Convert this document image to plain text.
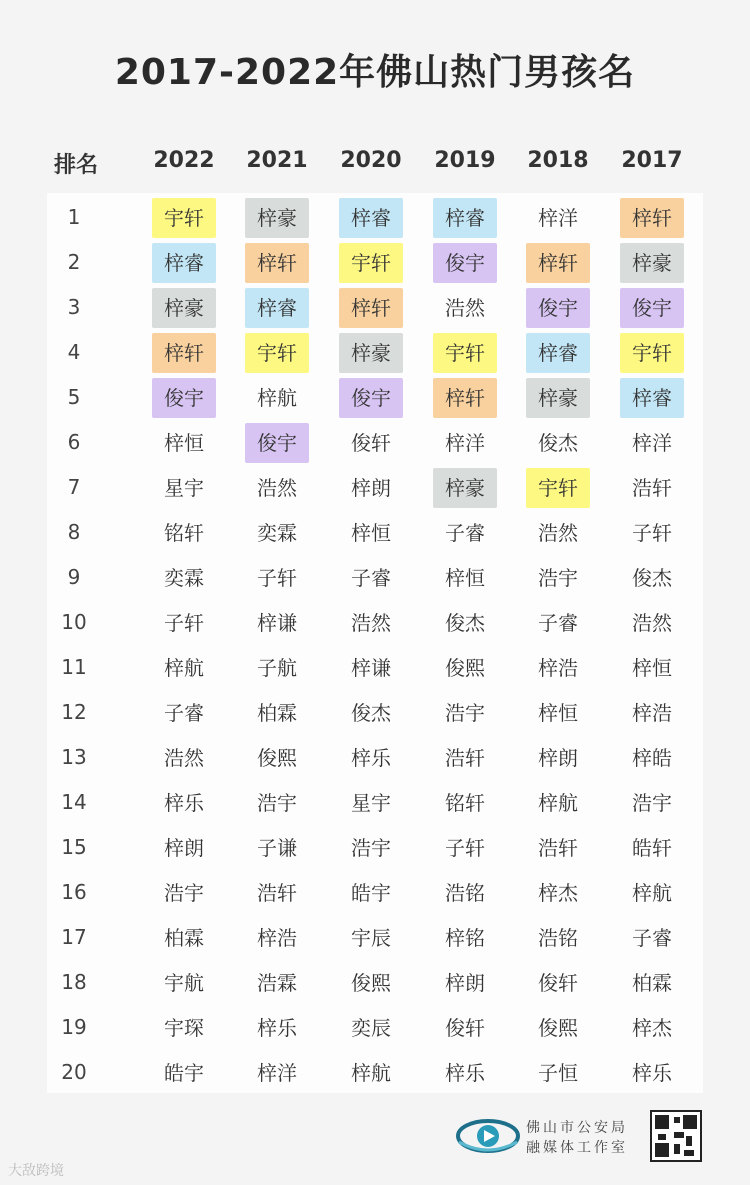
2017-2022年佛山热门男孩名
排名	2022	2021	2020	2019	2018	2017
1	宇轩	梓豪	梓睿	梓睿	梓洋	梓轩
2	梓睿	梓轩	宇轩	俊宇	梓轩	梓豪
3	梓豪	梓睿	梓轩	浩然	俊宇	俊宇
4	梓轩	宇轩	梓豪	宇轩	梓睿	宇轩
5	俊宇	梓航	俊宇	梓轩	梓豪	梓睿
6	梓恒	俊宇	俊轩	梓洋	俊杰	梓洋
7	星宇	浩然	梓朗	梓豪	宇轩	浩轩
8	铭轩	奕霖	梓恒	子睿	浩然	子轩
9	奕霖	子轩	子睿	梓恒	浩宇	俊杰
10	子轩	梓谦	浩然	俊杰	子睿	浩然
11	梓航	子航	梓谦	俊熙	梓浩	梓恒
12	子睿	柏霖	俊杰	浩宇	梓恒	梓浩
13	浩然	俊熙	梓乐	浩轩	梓朗	梓皓
14	梓乐	浩宇	星宇	铭轩	梓航	浩宇
15	梓朗	子谦	浩宇	子轩	浩轩	皓轩
16	浩宇	浩轩	皓宇	浩铭	梓杰	梓航
17	柏霖	梓浩	宇辰	梓铭	浩铭	子睿
18	宇航	浩霖	俊熙	梓朗	俊轩	柏霖
19	宇琛	梓乐	奕辰	俊轩	俊熙	梓杰
20	皓宇	梓洋	梓航	梓乐	子恒	梓乐
佛山市公安局
融媒体工作室
大敌跨境
